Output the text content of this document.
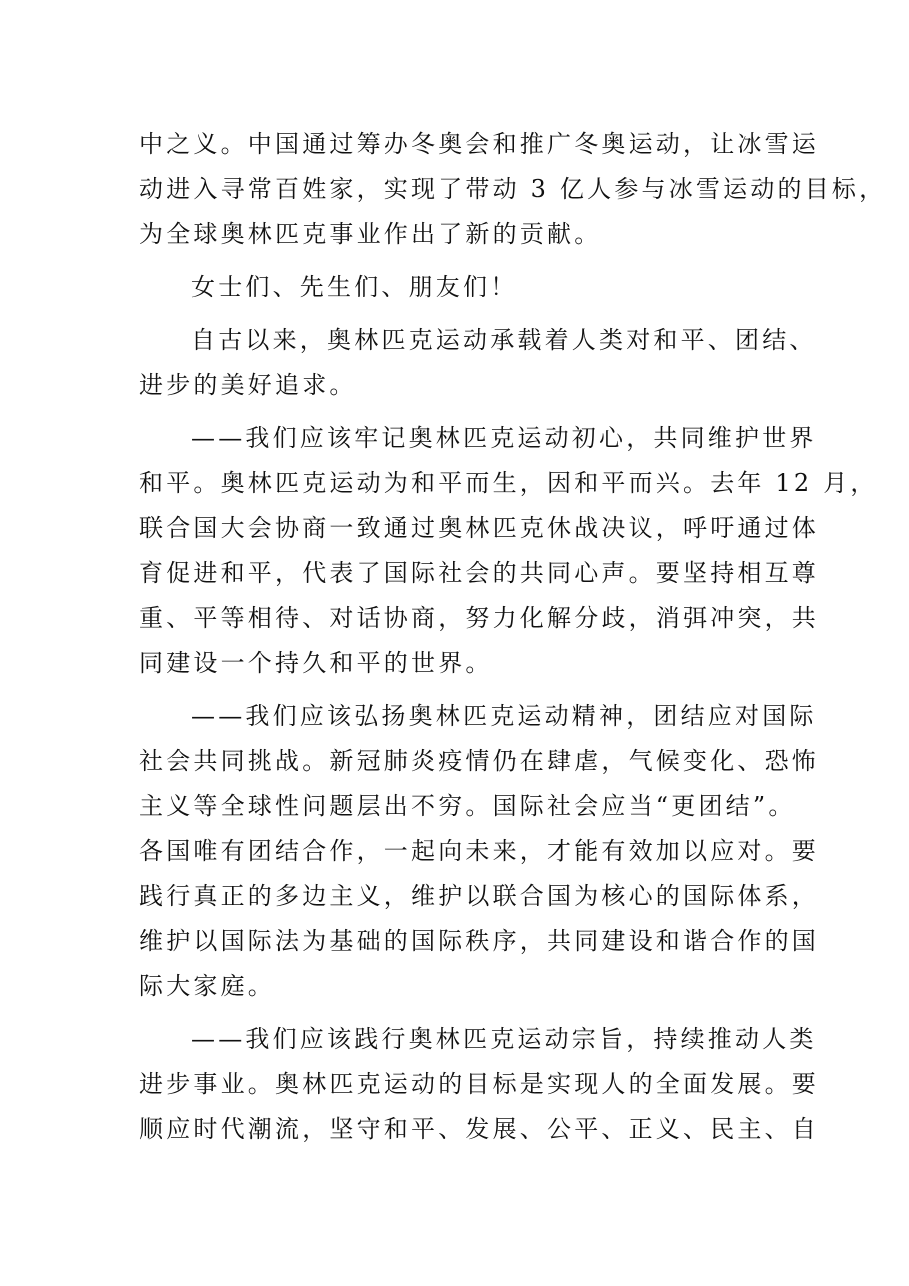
中之义。中国通过筹办冬奥会和推广冬奥运动，让冰雪运
动进入寻常百姓家，实现了带动 3 亿人参与冰雪运动的目标，
为全球奥林匹克事业作出了新的贡献。

女士们、先生们、朋友们！

自古以来，奥林匹克运动承载着人类对和平、团结、
进步的美好追求。

——我们应该牢记奥林匹克运动初心，共同维护世界
和平。奥林匹克运动为和平而生，因和平而兴。去年 12 月，
联合国大会协商一致通过奥林匹克休战决议，呼吁通过体
育促进和平，代表了国际社会的共同心声。要坚持相互尊
重、平等相待、对话协商，努力化解分歧，消弭冲突，共
同建设一个持久和平的世界。

——我们应该弘扬奥林匹克运动精神，团结应对国际
社会共同挑战。新冠肺炎疫情仍在肆虐，气候变化、恐怖
主义等全球性问题层出不穷。国际社会应当“更团结”。
各国唯有团结合作，一起向未来，才能有效加以应对。要
践行真正的多边主义，维护以联合国为核心的国际体系，
维护以国际法为基础的国际秩序，共同建设和谐合作的国
际大家庭。

——我们应该践行奥林匹克运动宗旨，持续推动人类
进步事业。奥林匹克运动的目标是实现人的全面发展。要
顺应时代潮流，坚守和平、发展、公平、正义、民主、自
